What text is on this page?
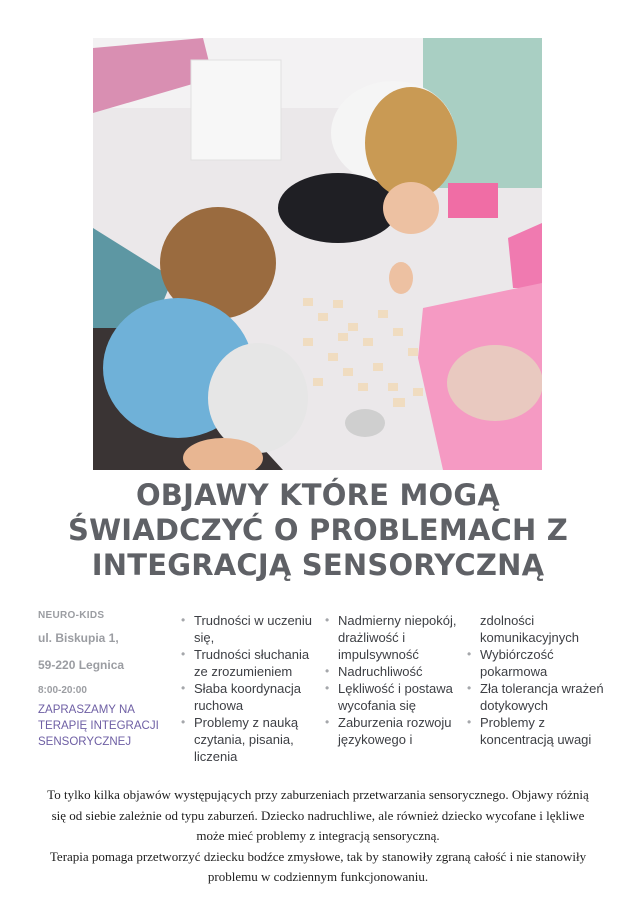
OBJAWY KTÓRE MOGĄ
ŚWIADCZYĆ O PROBLEMACH Z
INTEGRACJĄ SENSORYCZNĄ
NEURO-KIDS
ul. Biskupia 1,
59-220 Legnica
8:00-20:00
ZAPRASZAMY NA TERAPIĘ INTEGRACJI SENSORYCZNEJ
• Trudności w uczeniu się,
• Trudności słuchania ze zrozumieniem
• Słaba koordynacja ruchowa
• Problemy z nauką czytania, pisania, liczenia
• Nadmierny niepokój, drażliwość i impulsywność
• Nadruchliwość
• Lękliwość i postawa wycofania się
• Zaburzenia rozwoju językowego i
zdolności komunikacyjnych
• Wybiórczość pokarmowa
• Zła tolerancja wrażeń dotykowych
• Problemy z koncentracją uwagi
To tylko kilka objawów występujących przy zaburzeniach przetwarzania sensorycznego. Objawy różnią się od siebie zależnie od typu zaburzeń. Dziecko nadruchliwe, ale również dziecko wycofane i lękliwe może mieć problemy z integracją sensoryczną.
Terapia pomaga przetworzyć dziecku bodźce zmysłowe, tak by stanowiły zgraną całość i nie stanowiły problemu w codziennym funkcjonowaniu.
